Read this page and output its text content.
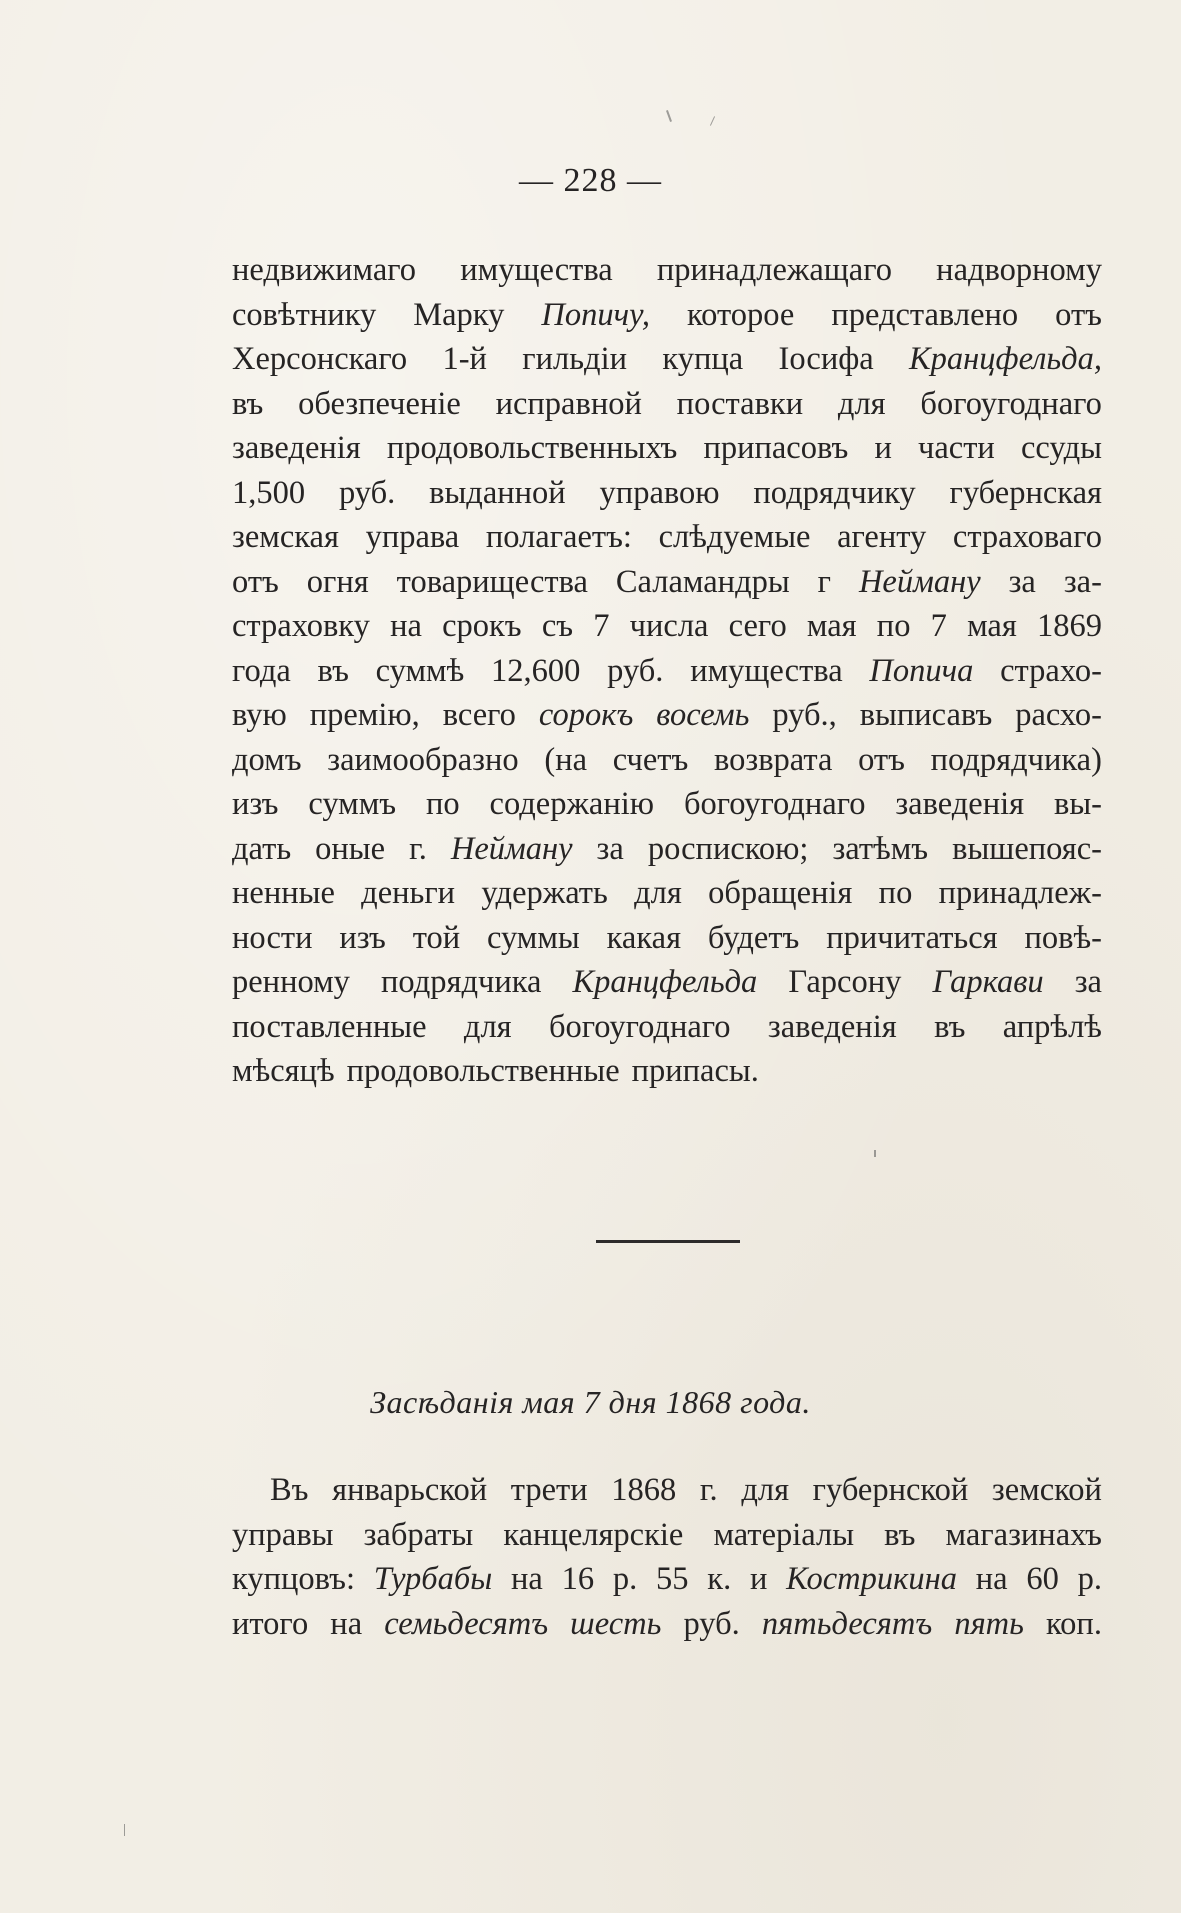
— 228 —
недвижимаго имущества принадлежащаго надворному
совѣтнику Марку Попичу, которое представлено отъ
Херсонскаго 1-й гильдіи купца Іосифа Кранцфельда,
въ обезпеченіе исправной поставки для богоугоднаго
заведенія продовольственныхъ припасовъ и части ссуды
1,500 руб. выданной управою подрядчику губернская
земская управа полагаетъ: слѣдуемые агенту страховаго
отъ огня товарищества Саламандры г Нейману за за-
страховку на срокъ съ 7 числа сего мая по 7 мая 1869
года въ суммѣ 12,600 руб. имущества Попича страхо-
вую премію, всего сорокъ восемь руб., выписавъ расхо-
домъ заимообразно (на счетъ возврата отъ подрядчика)
изъ суммъ по содержанію богоугоднаго заведенія вы-
дать оные г. Нейману за роспискою; затѣмъ вышепояс-
ненные деньги удержать для обращенія по принадлеж-
ности изъ той суммы какая будетъ причитаться повѣ-
ренному подрядчика Кранцфельда Гарсону Гаркави за
поставленные для богоугоднаго заведенія въ апрѣлѣ
мѣсяцѣ продовольственные припасы.
Засѣданія мая 7 дня 1868 года.
Въ январьской трети 1868 г. для губернской земской
управы забраты канцелярскіе матеріалы въ магазинахъ
купцовъ: Турбабы на 16 р. 55 к. и Кострикина на 60 р.
итого на семьдесятъ шесть руб. пятьдесятъ пять коп.
